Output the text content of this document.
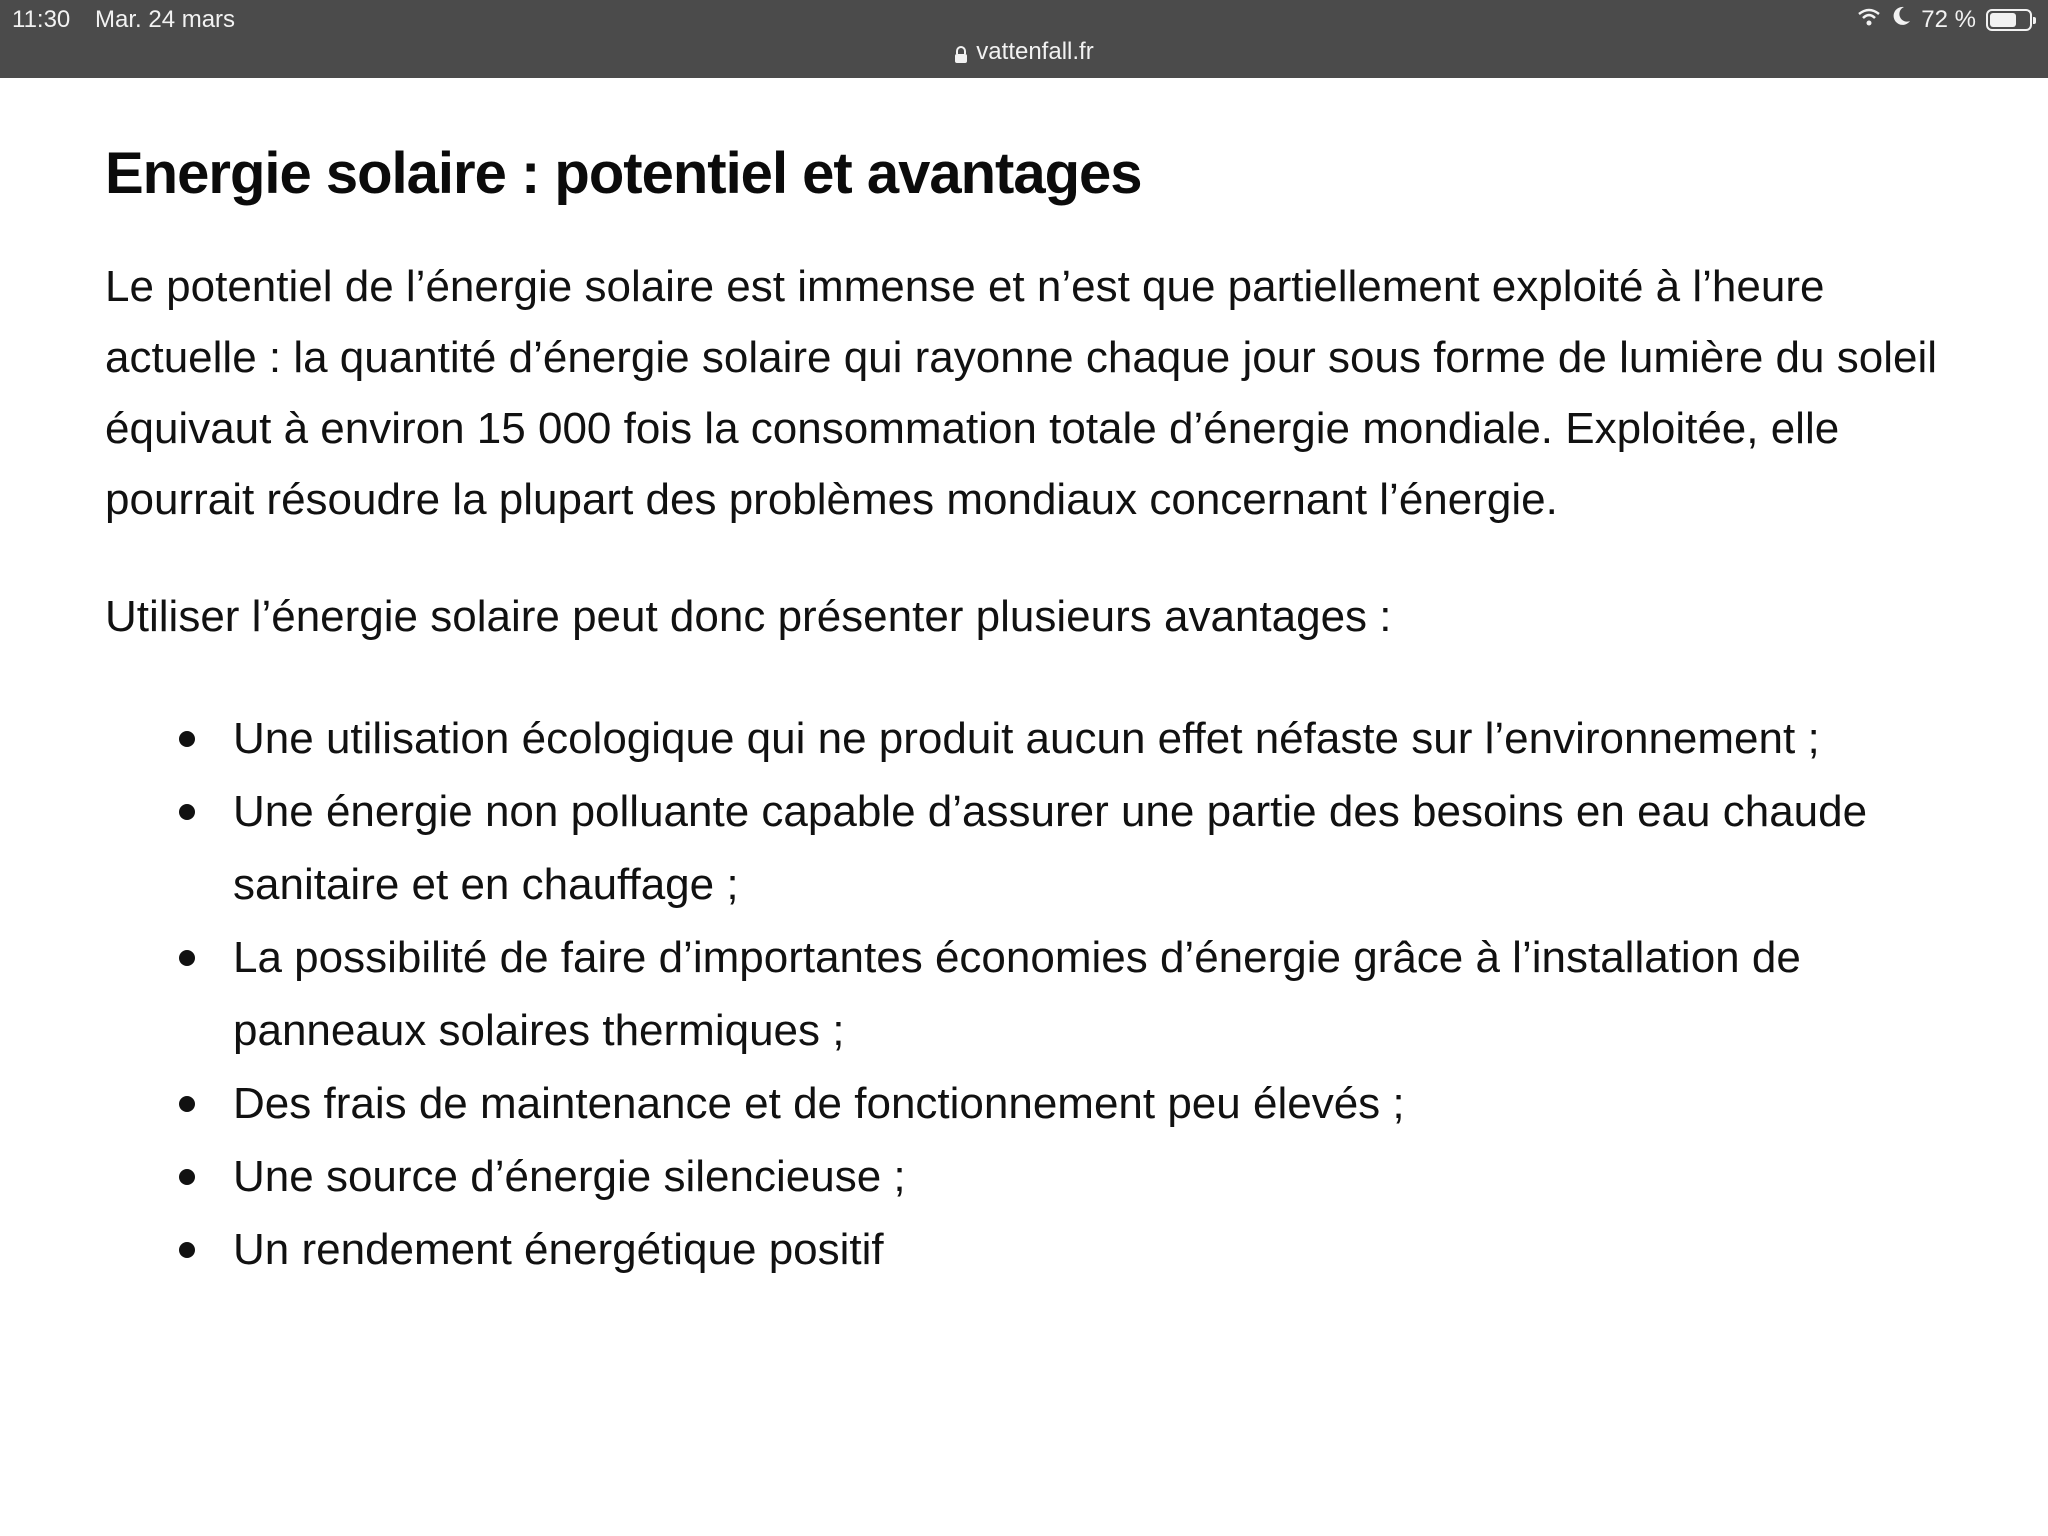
11:30 Mar. 24 mars	72 %
vattenfall.fr
Energie solaire : potentiel et avantages

Le potentiel de l’énergie solaire est immense et n’est que partiellement exploité à l’heure actuelle : la quantité d’énergie solaire qui rayonne chaque jour sous forme de lumière du soleil équivaut à environ 15 000 fois la consommation totale d’énergie mondiale. Exploitée, elle pourrait résoudre la plupart des problèmes mondiaux concernant l’énergie.

Utiliser l’énergie solaire peut donc présenter plusieurs avantages :

Une utilisation écologique qui ne produit aucun effet néfaste sur l’environnement ;
Une énergie non polluante capable d’assurer une partie des besoins en eau chaude sanitaire et en chauffage ;
La possibilité de faire d’importantes économies d’énergie grâce à l’installation de panneaux solaires thermiques ;
Des frais de maintenance et de fonctionnement peu élevés ;
Une source d’énergie silencieuse ;
Un rendement énergétique positif
